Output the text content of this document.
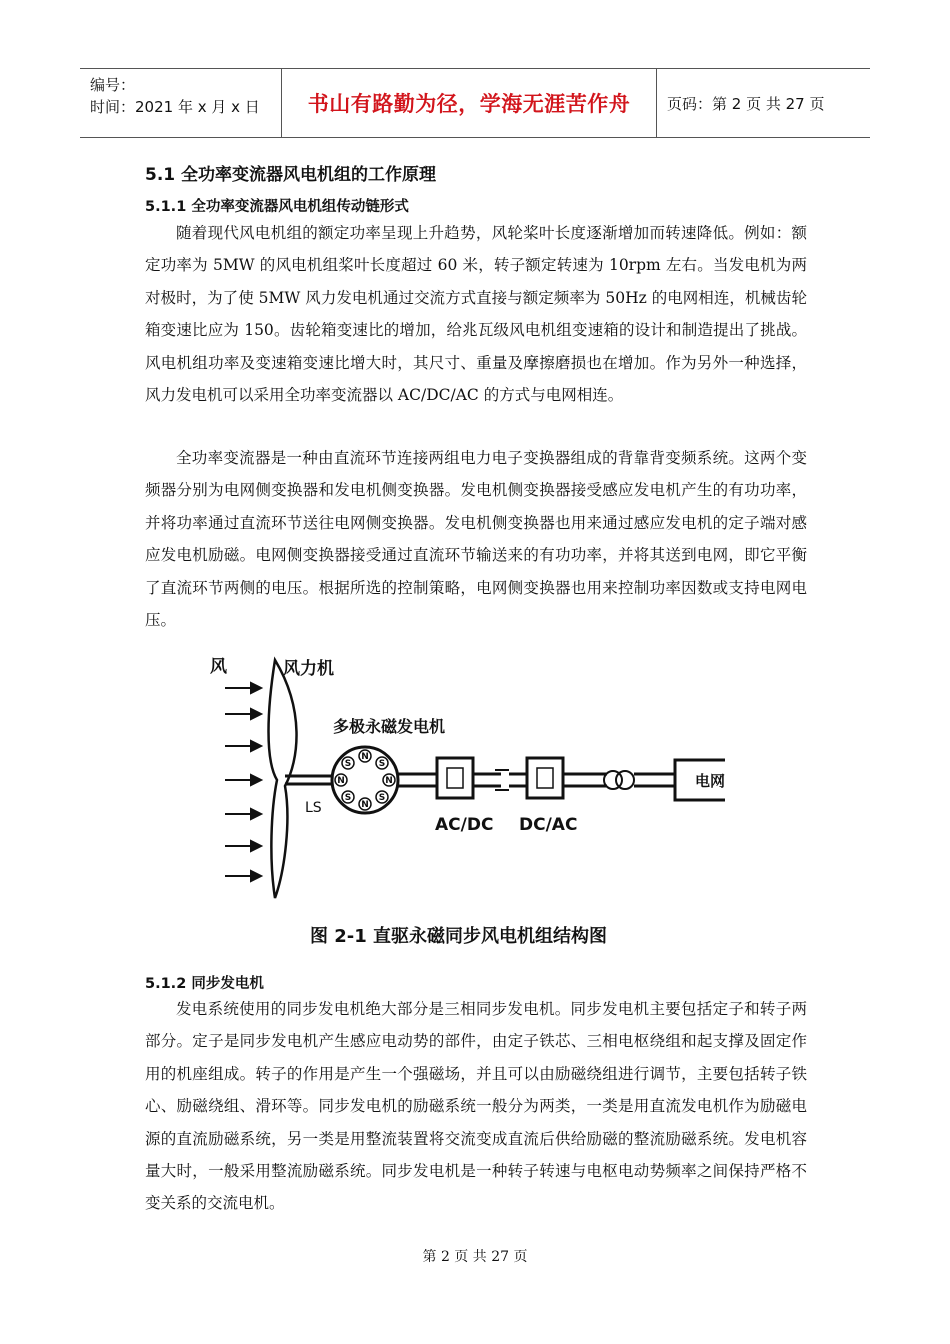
编号：
时间：2021 年 x 月 x 日	书山有路勤为径，学海无涯苦作舟	页码：第 2 页 共 27 页
5.1 全功率变流器风电机组的工作原理
5.1.1 全功率变流器风电机组传动链形式

随着现代风电机组的额定功率呈现上升趋势，风轮桨叶长度逐渐增加而转速降低。例如：额定功率为 5MW 的风电机组桨叶长度超过 60 米，转子额定转速为 10rpm 左右。当发电机为两对极时，为了使 5MW 风力发电机通过交流方式直接与额定频率为 50Hz 的电网相连，机械齿轮箱变速比应为 150。齿轮箱变速比的增加，给兆瓦级风电机组变速箱的设计和制造提出了挑战。风电机组功率及变速箱变速比增大时，其尺寸、重量及摩擦磨损也在增加。作为另外一种选择，风力发电机可以采用全功率变流器以 AC/DC/AC 的方式与电网相连。

全功率变流器是一种由直流环节连接两组电力电子变换器组成的背靠背变频系统。这两个变频器分别为电网侧变换器和发电机侧变换器。发电机侧变换器接受感应发电机产生的有功功率，并将功率通过直流环节送往电网侧变换器。发电机侧变换器也用来通过感应发电机的定子端对感应发电机励磁。电网侧变换器接受通过直流环节输送来的有功功率，并将其送到电网，即它平衡了直流环节两侧的电压。根据所选的控制策略，电网侧变换器也用来控制功率因数或支持电网电压。

N
S
N
S
N
S
N
S
风	风力机
多极永磁发电机
LS
AC/DC DC/AC
电网
图 2-1 直驱永磁同步风电机组结构图
5.1.2 同步发电机

发电系统使用的同步发电机绝大部分是三相同步发电机。同步发电机主要包括定子和转子两部分。定子是同步发电机产生感应电动势的部件，由定子铁芯、三相电枢绕组和起支撑及固定作用的机座组成。转子的作用是产生一个强磁场，并且可以由励磁绕组进行调节，主要包括转子铁心、励磁绕组、滑环等。同步发电机的励磁系统一般分为两类，一类是用直流发电机作为励磁电源的直流励磁系统，另一类是用整流装置将交流变成直流后供给励磁的整流励磁系统。发电机容量大时，一般采用整流励磁系统。同步发电机是一种转子转速与电枢电动势频率之间保持严格不变关系的交流电机。

第 2 页 共 27 页
